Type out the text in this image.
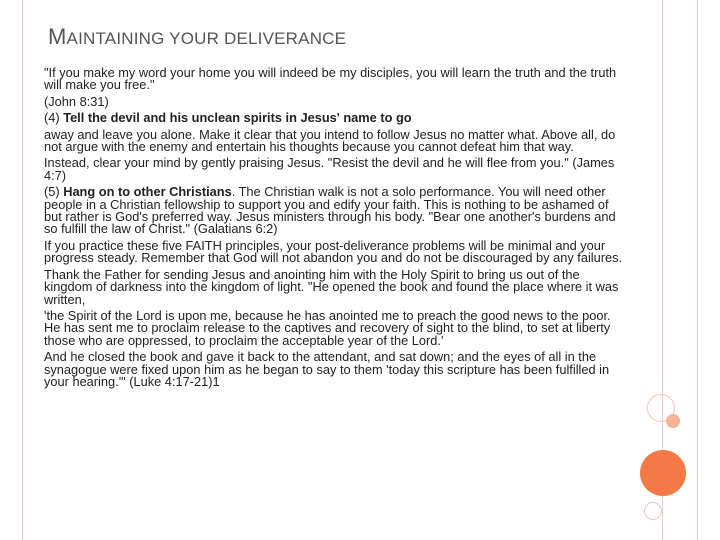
MAINTAINING YOUR DELIVERANCE

"If you make my word your home you will indeed be my disciples, you will learn the truth and the truth will make you free."

(John 8:31)

(4) Tell the devil and his unclean spirits in Jesus' name to go

away and leave you alone. Make it clear that you intend to follow Jesus no matter what. Above all, do not argue with the enemy and entertain his thoughts because you cannot defeat him that way.

Instead, clear your mind by gently praising Jesus. "Resist the devil and he will flee from you." (James 4:7)

(5) Hang on to other Christians. The Christian walk is not a solo performance. You will need other people in a Christian fellowship to support you and edify your faith. This is nothing to be ashamed of but rather is God's preferred way. Jesus ministers through his body. "Bear one another's burdens and so fulfill the law of Christ." (Galatians 6:2)

If you practice these five FAITH principles, your post-deliverance problems will be minimal and your progress steady. Remember that God will not abandon you and do not be discouraged by any failures.

Thank the Father for sending Jesus and anointing him with the Holy Spirit to bring us out of the kingdom of darkness into the kingdom of light. "He opened the book and found the place where it was written,

'the Spirit of the Lord is upon me, because he has anointed me to preach the good news to the poor. He has sent me to proclaim release to the captives and recovery of sight to the blind, to set at liberty those who are oppressed, to proclaim the acceptable year of the Lord.'

And he closed the book and gave it back to the attendant, and sat down; and the eyes of all in the synagogue were fixed upon him as he began to say to them 'today this scripture has been fulfilled in your hearing.'" (Luke 4:17-21)1
